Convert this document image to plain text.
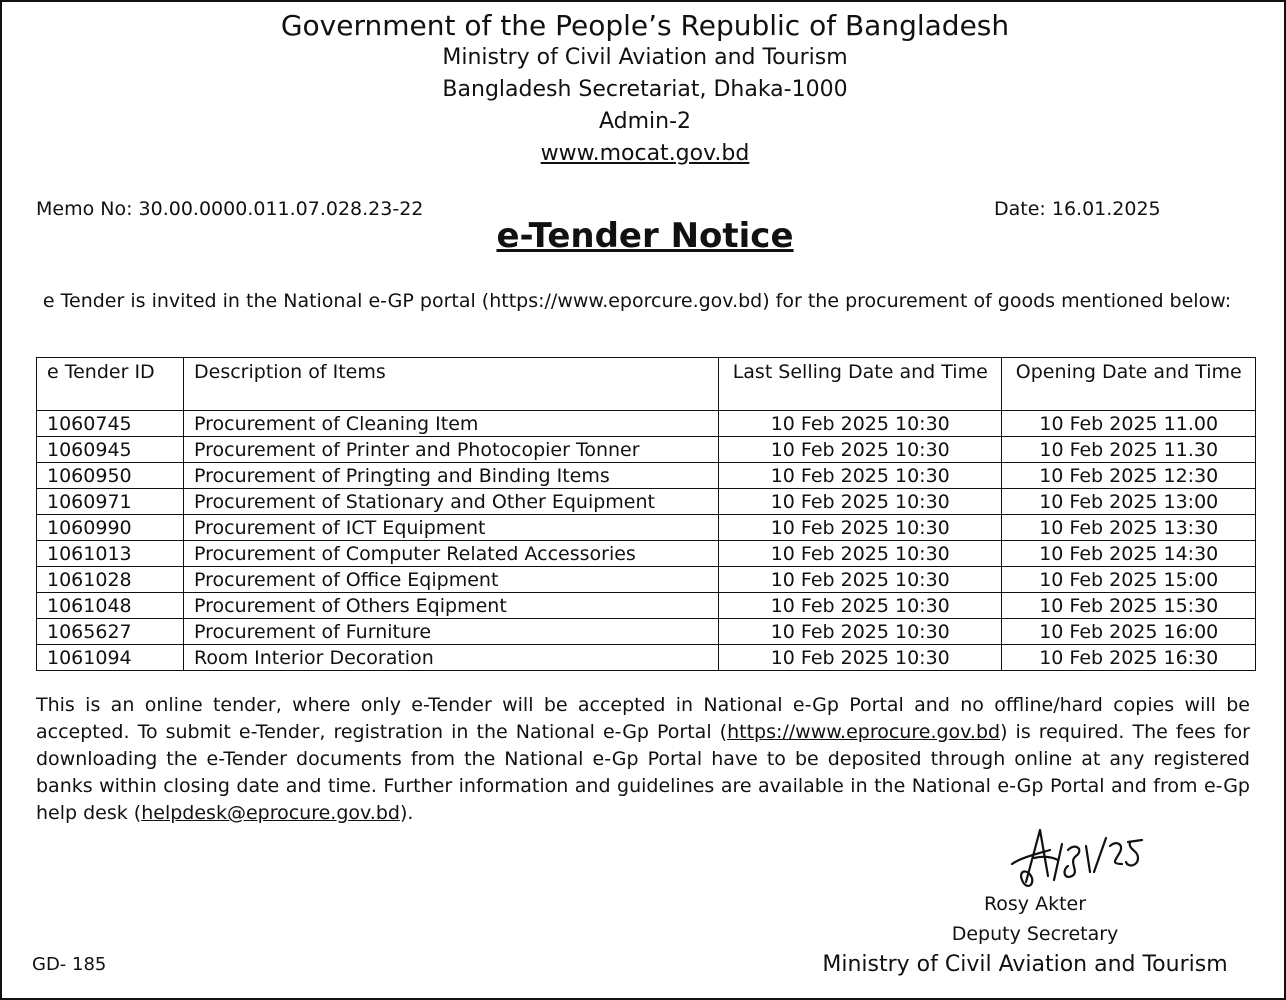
Government of the People’s Republic of Bangladesh
Ministry of Civil Aviation and Tourism
Bangladesh Secretariat, Dhaka-1000
Admin-2
www.mocat.gov.bd
Memo No: 30.00.0000.011.07.028.23-22	Date: 16.01.2025
e-Tender Notice
e Tender is invited in the National e-GP portal (https://www.eporcure.gov.bd) for the procurement of goods mentioned below:
e Tender ID	Description of Items	Last Selling Date and Time	Opening Date and Time
1060745	Procurement of Cleaning Item	10 Feb 2025 10:30	10 Feb 2025 11.00
1060945	Procurement of Printer and Photocopier Tonner	10 Feb 2025 10:30	10 Feb 2025 11.30
1060950	Procurement of Pringting and Binding Items	10 Feb 2025 10:30	10 Feb 2025 12:30
1060971	Procurement of Stationary and Other Equipment	10 Feb 2025 10:30	10 Feb 2025 13:00
1060990	Procurement of ICT Equipment	10 Feb 2025 10:30	10 Feb 2025 13:30
1061013	Procurement of Computer Related Accessories	10 Feb 2025 10:30	10 Feb 2025 14:30
1061028	Procurement of Office Eqipment	10 Feb 2025 10:30	10 Feb 2025 15:00
1061048	Procurement of Others Eqipment	10 Feb 2025 10:30	10 Feb 2025 15:30
1065627	Procurement of Furniture	10 Feb 2025 10:30	10 Feb 2025 16:00
1061094	Room Interior Decoration	10 Feb 2025 10:30	10 Feb 2025 16:30
This is an online tender, where only e-Tender will be accepted in National e-Gp Portal and no offline/hard copies will be accepted. To submit e-Tender, registration in the National e-Gp Portal (https://www.eprocure.gov.bd) is required. The fees for downloading the e-Tender documents from the National e-Gp Portal have to be deposited through online at any registered banks within closing date and time. Further information and guidelines are available in the National e-Gp Portal and from e-Gp help desk (helpdesk@eprocure.gov.bd).
Rosy Akter
Deputy Secretary
Ministry of Civil Aviation and Tourism
GD- 185
